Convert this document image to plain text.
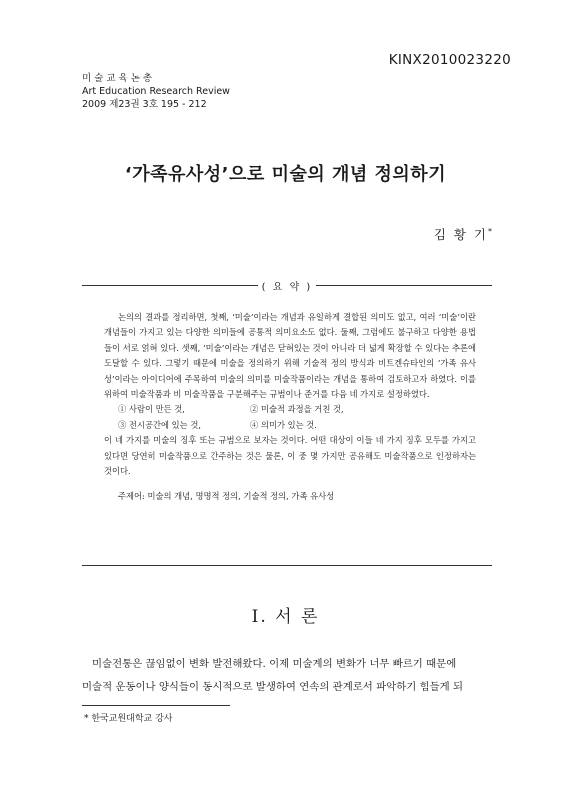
KINX2010023220
미술교육논총
Art Education Research Review
2009 제23권 3호 195 - 212
‘가족유사성’으로 미술의 개념 정의하기
김 황 기*
( 요 약 )

논의의 결과를 정리하면, 첫째, ‘미술’이라는 개념과 유일하게 결합된 의미도 없고, 여러 ‘미술’이란 개념들이 가지고 있는 다양한 의미들에 공통적 의미요소도 없다. 둘째, 그럼에도 불구하고 다양한 용법들이 서로 얽혀 있다. 셋째, ‘미술’이라는 개념은 닫혀있는 것이 아니라 더 넓게 확장할 수 있다는 추론에 도달할 수 있다. 그렇기 때문에 미술을 정의하기 위해 기술적 정의 방식과 비트겐슈타인의 ‘가족 유사성’이라는 아이디어에 주목하여 미술의 의미를 미술작품이라는 개념을 통하여 검토하고자 하였다. 이를 위하여 미술작품과 비 미술작품을 구분해주는 규범이나 준거를 다음 네 가지로 설정하였다.

① 사람이 만든 것,	② 미술적 과정을 거친 것,
③ 전시공간에 있는 것,	④ 의미가 있는 것.

이 네 가지를 미술의 징후 또는 규범으로 보자는 것이다. 어떤 대상이 이들 네 가지 징후 모두를 가지고 있다면 당연히 미술작품으로 간주하는 것은 물론, 이 중 몇 가지만 공유해도 미술작품으로 인정하자는 것이다.

주제어: 미술의 개념, 명명적 정의, 기술적 정의, 가족 유사성

Ⅰ. 서 론
미술전통은 끊임없이 변화 발전해왔다. 이제 미술계의 변화가 너무 빠르기 때문에
미술적 운동이나 양식들이 동시적으로 발생하여 연속의 관계로서 파악하기 힘들게 되
* 한국교원대학교 강사
